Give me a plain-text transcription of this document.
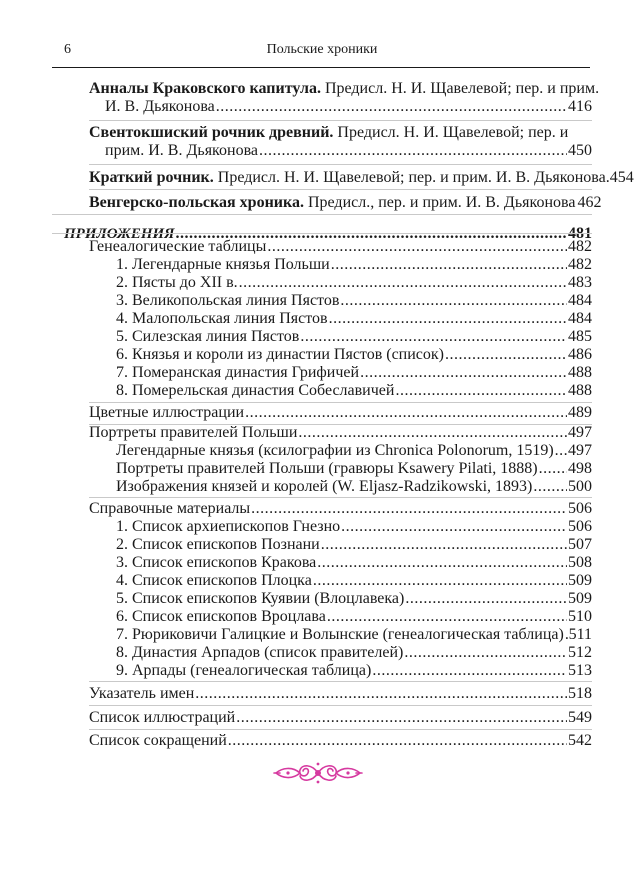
6	Польские хроники
Анналы Краковского капитула. Предисл. Н. И. Щавелевой; пер. и прим.
И. В. Дьяконова .....	416
Свентокшиский рочник древний. Предисл. Н. И. Щавелевой; пер. и
прим. И. В. Дьяконова .....	450
Краткий рочник. Предисл. Н. И. Щавелевой; пер. и прим. И. В. Дьяконова. 454
Венгерско-польская хроника. Предисл., пер. и прим. И. В. Дьяконова 462
ПРИЛОЖЕНИЯ .....	481
Генеалогические таблицы .....	482
1. Легендарные князья Польши .....	482
2. Пясты до XII в. .....	483
3. Великопольская линия Пястов .....	484
4. Малопольская линия Пястов .....	484
5. Силезская линия Пястов .....	485
6. Князья и короли из династии Пястов (список) .....	486
7. Померанская династия Грифичей .....	488
8. Померельская династия Собеславичей .....	488
Цветные иллюстрации .....	489
Портреты правителей Польши .....	497
Легендарные князья (ксилографии из Chronica Polonorum, 1519) ..... 497
Портреты правителей Польши (гравюры Ksawery Pilati, 1888) ..... 498
Изображения князей и королей (W. Eljasz-Radzikowski, 1893) ..... 500
Справочные материалы .....	506
1. Список архиепископов Гнезно .....	506
2. Список епископов Познани .....	507
3. Список епископов Кракова .....	508
4. Список епископов Плоцка .....	509
5. Список епископов Куявии (Влоцлавека) .....	509
6. Список епископов Вроцлава .....	510
7. Рюриковичи Галицкие и Волынские (генеалогическая таблица) ..... 511
8. Династия Арпадов (список правителей) .....	512
9. Арпады (генеалогическая таблица) .....	513
Указатель имен .....	518
Список иллюстраций .....	549
Список сокращений .....	542
